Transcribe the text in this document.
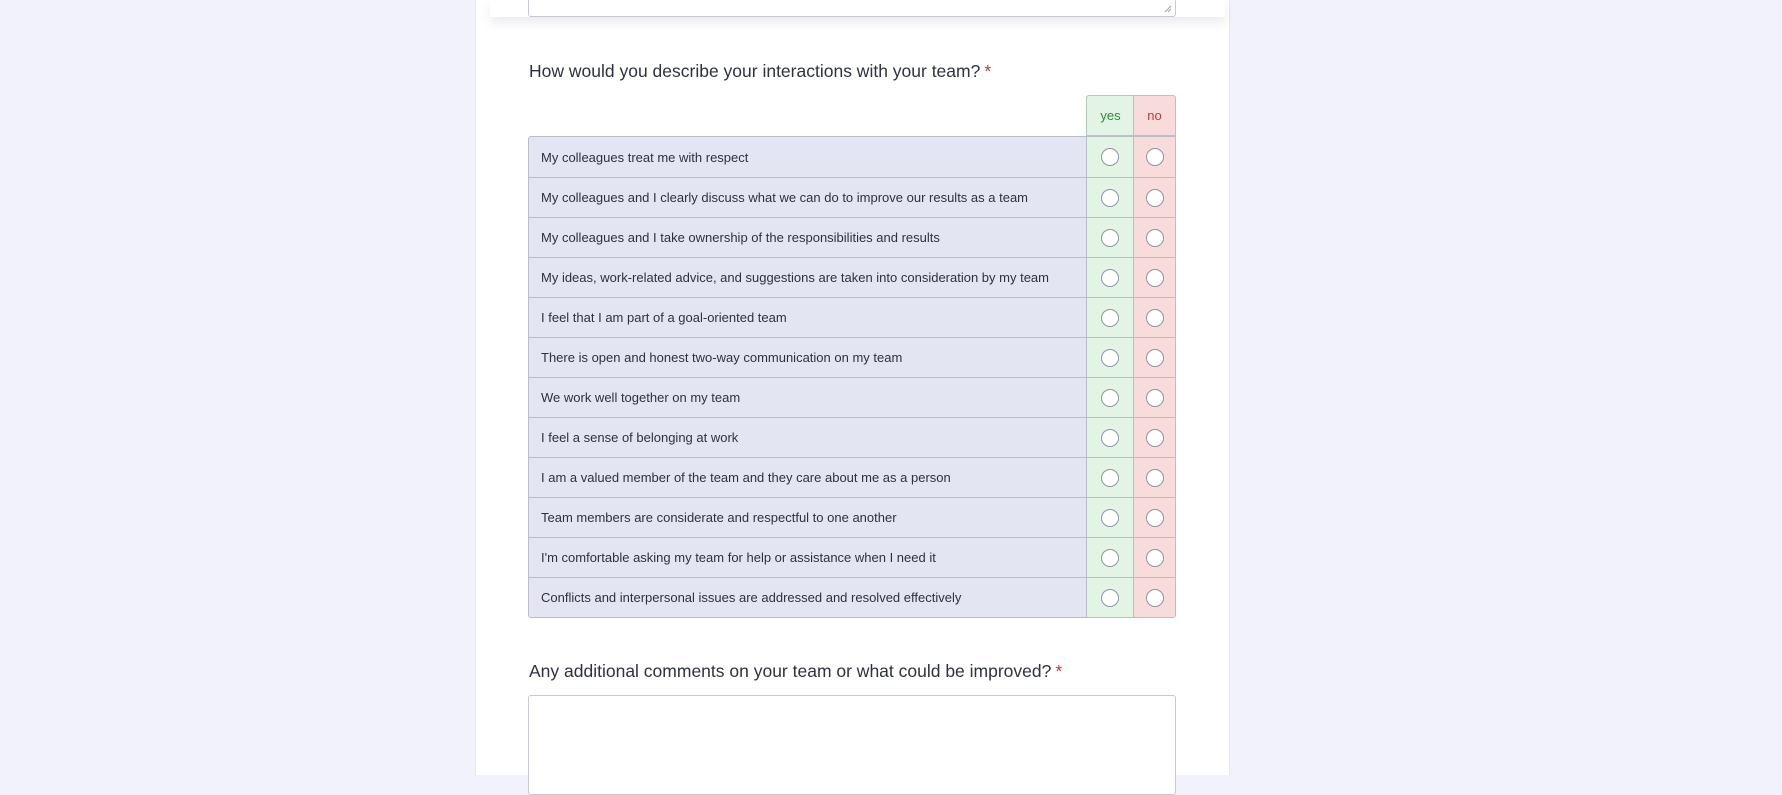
How would you describe your interactions with your team? *
yes	no
My colleagues treat me with respect
My colleagues and I clearly discuss what we can do to improve our results as a team
My colleagues and I take ownership of the responsibilities and results
My ideas, work-related advice, and suggestions are taken into consideration by my team
I feel that I am part of a goal-oriented team
There is open and honest two-way communication on my team
We work well together on my team
I feel a sense of belonging at work
I am a valued member of the team and they care about me as a person
Team members are considerate and respectful to one another
I'm comfortable asking my team for help or assistance when I need it
Conflicts and interpersonal issues are addressed and resolved effectively
Any additional comments on your team or what could be improved? *
